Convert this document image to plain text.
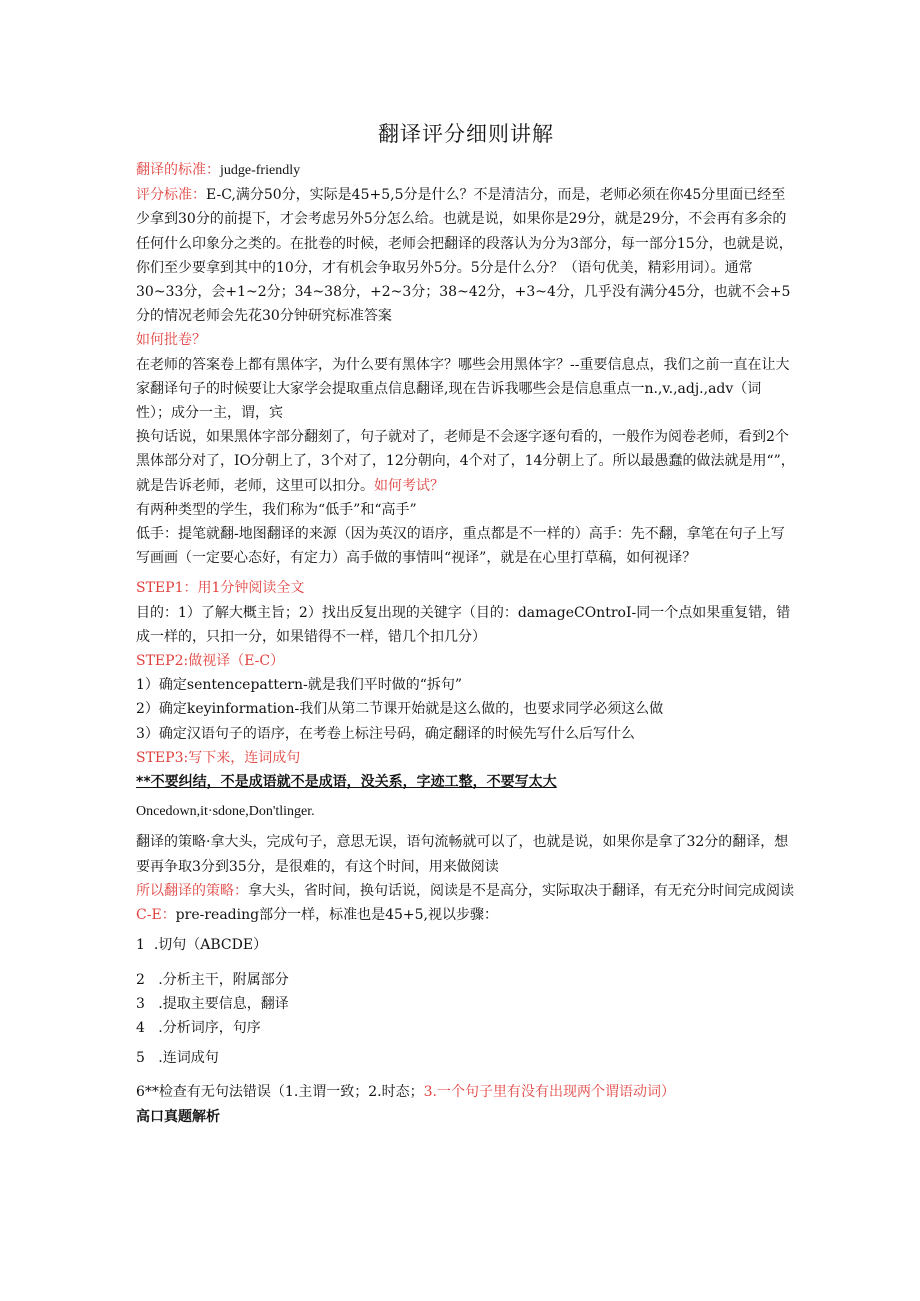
翻译评分细则讲解

翻译的标准：judge-friendly

评分标准：E-C,满分50分，实际是45+5,5分是什么？不是清洁分，而是，老师必须在你45分里面已经至少拿到30分的前提下，才会考虑另外5分怎么给。也就是说，如果你是29分，就是29分，不会再有多余的任何什么印象分之类的。在批卷的时候，老师会把翻译的段落认为分为3部分，每一部分15分，也就是说，你们至少要拿到其中的10分，才有机会争取另外5分。5分是什么分？（语句优美，精彩用词）。通常30~33分，会+1~2分；34~38分，+2~3分；38~42分，+3~4分，几乎没有满分45分，也就不会+5分的情况老师会先花30分钟研究标准答案

如何批卷？

在老师的答案卷上都有黑体字，为什么要有黑体字？哪些会用黑体字？--重要信息点，我们之前一直在让大家翻译句子的时候要让大家学会提取重点信息翻译,现在告诉我哪些会是信息重点一n.,v.,adj.,adv（词性）；成分一主，谓，宾

换句话说，如果黑体字部分翻刻了，句子就对了，老师是不会逐字逐句看的，一般作为阅卷老师，看到2个黑体部分对了，IO分朝上了，3个对了，12分朝向，4个对了，14分朝上了。所以最愚蠢的做法就是用“”，就是告诉老师，老师，这里可以扣分。如何考试？

有两种类型的学生，我们称为“低手”和“高手”

低手：提笔就翻-地图翻译的来源（因为英汉的语序，重点都是不一样的）高手：先不翻，拿笔在句子上写写画画（一定要心态好，有定力）高手做的事情叫“视译”，就是在心里打草稿，如何视译？

STEP1：用1分钟阅读全文

目的：1）了解大概主旨；2）找出反复出现的关键字（目的：damageCOntroI-同一个点如果重复错，错成一样的，只扣一分，如果错得不一样，错几个扣几分）

STEP2:做视译（E-C）

1）确定sentencepattern-就是我们平时做的“拆句”

2）确定keyinformation-我们从第二节课开始就是这么做的，也要求同学必须这么做

3）确定汉语句子的语序，在考卷上标注号码，确定翻译的时候先写什么后写什么

STEP3:写下来，连词成句

**不要纠结，不是成语就不是成语，没关系，字迹工整，不要写太大

Oncedown,it·sdone,Don'tlinger.

翻译的策略·拿大头，完成句子，意思无误，语句流畅就可以了，也就是说，如果你是拿了32分的翻译，想要再争取3分到35分，是很难的，有这个时间，用来做阅读

所以翻译的策略：拿大头，省时间，换句话说，阅读是不是高分，实际取决于翻译，有无充分时间完成阅读

C-E：pre-reading部分一样，标准也是45+5,视以步骤：

1 .切句（ABCDE）

2 .分析主干，附属部分

3 .提取主要信息，翻译

4 .分析词序，句序

5 .连词成句

6**检查有无句法错误（1.主谓一致；2.时态；3.一个句子里有没有出现两个谓语动词）

高口真题解析
